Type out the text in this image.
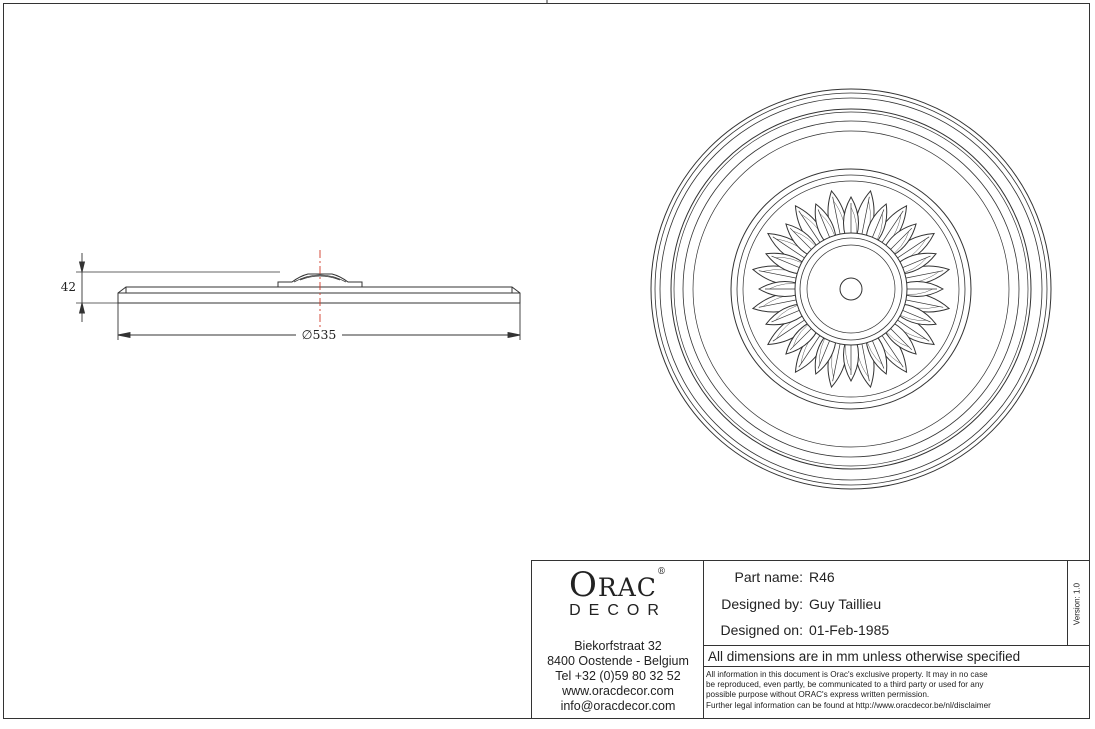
42
∅535
ORAC®
DECOR
Biekorfstraat 32
8400 Oostende - Belgium
Tel +32 (0)59 80 32 52
www.oracdecor.com
info@oracdecor.com
Part name: R46
Designed by: Guy Taillieu
Designed on: 01-Feb-1985
Version: 1.0
All dimensions are in mm unless otherwise specified
All information in this document is Orac's exclusive property. It may in no case
be reproduced, even partly, be communicated to a third party or used for any
possible purpose without ORAC's express written permission.
Further legal information can be found at http://www.oracdecor.be/nl/disclaimer
